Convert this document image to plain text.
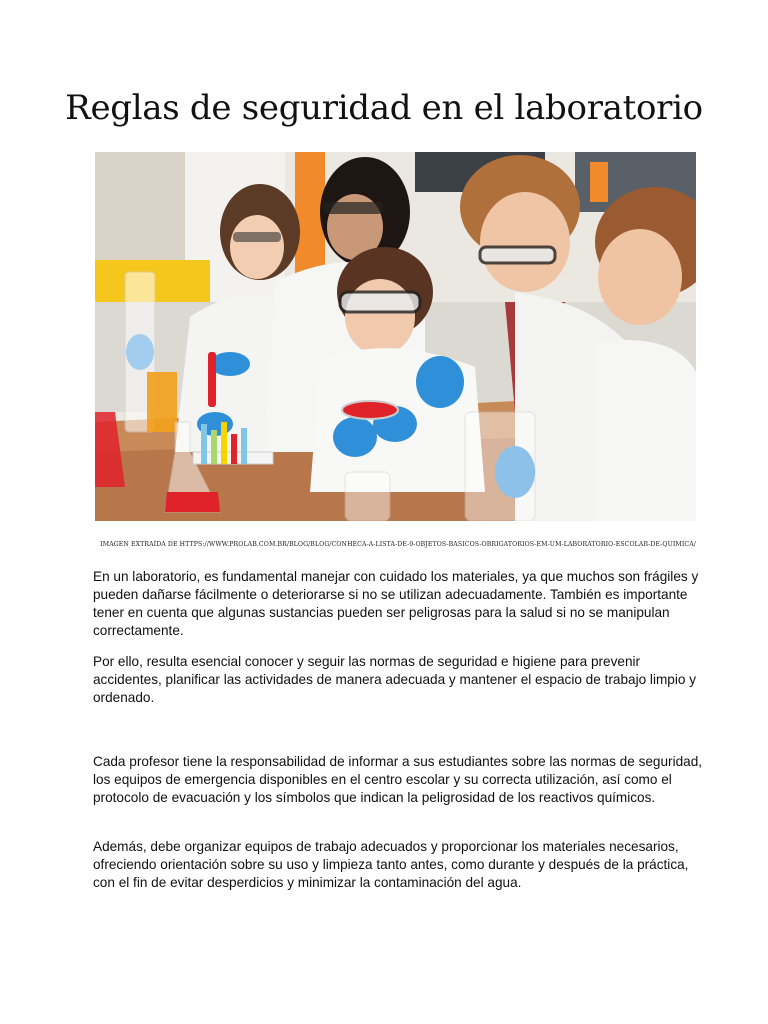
Reglas de seguridad en el laboratorio
IMAGEN EXTRAÍDA DE HTTPS://WWW.PROLAB.COM.BR/BLOG/BLOG/CONHECA-A-LISTA-DE-9-OBJETOS-BASICOS-OBRIGATORIOS-EM-UM-LABORATORIO-ESCOLAR-DE-QUIMICA/

En un laboratorio, es fundamental manejar con cuidado los materiales, ya que muchos son frágiles y pueden dañarse fácilmente o deteriorarse si no se utilizan adecuadamente. También es importante tener en cuenta que algunas sustancias pueden ser peligrosas para la salud si no se manipulan correctamente.

Por ello, resulta esencial conocer y seguir las normas de seguridad e higiene para prevenir accidentes, planificar las actividades de manera adecuada y mantener el espacio de trabajo limpio y ordenado.

Cada profesor tiene la responsabilidad de informar a sus estudiantes sobre las normas de seguridad, los equipos de emergencia disponibles en el centro escolar y su correcta utilización, así como el protocolo de evacuación y los símbolos que indican la peligrosidad de los reactivos químicos.

Además, debe organizar equipos de trabajo adecuados y proporcionar los materiales necesarios, ofreciendo orientación sobre su uso y limpieza tanto antes, como durante y después de la práctica, con el fin de evitar desperdicios y minimizar la contaminación del agua.
